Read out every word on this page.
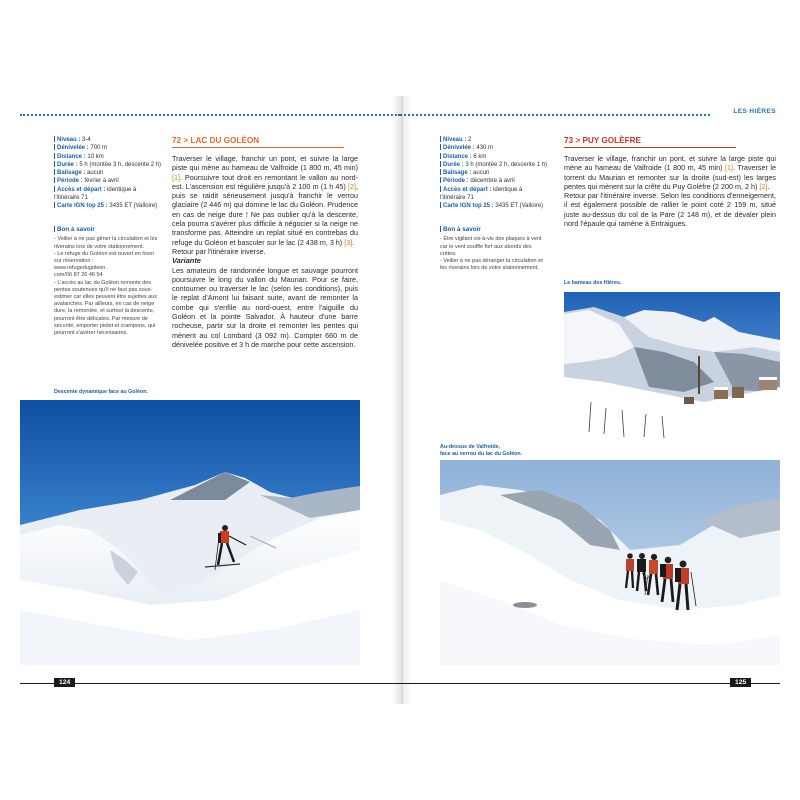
Niveau : 3-4
Dénivelée : 700 m
Distance : 10 km
Durée : 5 h (montée 3 h, descente 2 h)
Balisage : aucun
Période : février à avril
Accès et départ : identique à l'itinéraire 71
Carte IGN top 25 : 3435 ET (Valloire)
Bon à savoir

- Veiller à ne pas gêner la circulation et les riverains lors de votre stationnement.

- Le refuge du Goléon est ouvert en hiver sur réservation :

www.refugedugoleon.

com/06 87 26 46 54

- L'accès au lac du Goléon remonte des pentes soutenues qu'il ne faut pas sous-estimer car elles peuvent être sujettes aux avalanches. Par ailleurs, en cas de neige dure, la remontée, et surtout la descente, pourront être délicates. Par mesure de sécurité, emporter piolet et crampons, qui pourront s'avérer nécessaires.

72 > LAC DU GOLÉON

Traverser le village, franchir un pont, et suivre la large piste qui mène au hameau de Valfroide (1 800 m, 45 min) [1]. Poursuivre tout droit en remontant le vallon au nord-est. L'ascension est régulière jusqu'à 2 100 m (1 h 45) [2], puis se raidit sérieusement jusqu'à franchir le verrou glaciaire (2 446 m) qui domine le lac du Goléon. Prudence en cas de neige dure ! Ne pas oublier qu'à la descente, cela pourra s'avérer plus difficile à négocier si la neige ne transforme pas. Atteindre un replat situé en contrebas du refuge du Goléon et basculer sur le lac (2 438 m, 3 h) [3].

Retour par l'itinéraire inverse.

Variante

Les amateurs de randonnée longue et sauvage pourront poursuivre le long du vallon du Maurian. Pour se faire, contourner ou traverser le lac (selon les conditions), puis le replat d'Amont lui faisant suite, avant de remonter la combe qui s'enfile au nord-ouest, entre l'aiguille du Goléon et la pointe Salvador. À hauteur d'une barre rocheuse, partir sur la droite et remonter les pentes qui mènent au col Lombard (3 092 m). Compter 660 m de dénivelée positive et 3 h de marche pour cette ascension.

Descente dynamique face au Goléon.
124
LES HIÈRES
Niveau : 2
Dénivelée : 430 m
Distance : 6 km
Durée : 3 h (montée 2 h, descente 1 h)
Balisage : aucun
Période : décembre à avril
Accès et départ : identique à l'itinéraire 71
Carte IGN top 25 : 3435 ET (Valloire)
Bon à savoir

- Être vigilant vis-à-vis des plaques à vent car le vent souffle fort aux abords des crêtes.

- Veiller à ne pas déranger la circulation et les riverains lors de votre stationnement.

73 > PUY GOLÈFRE

Traverser le village, franchir un pont, et suivre la large piste qui mène au hameau de Valfroide (1 800 m, 45 min) [1]. Traverser le torrent du Maurian et remonter sur la droite (sud-est) les larges pentes qui mènent sur la crête du Puy Golèfre (2 200 m, 2 h) [2].

Retour par l'itinéraire inverse. Selon les conditions d'enneigement, il est également possible de rallier le point coté 2 159 m, situé juste au-dessus du col de la Pare (2 148 m), et de dévaler plein nord l'épaule qui ramène à Entraigues.

Le hameau des Hières.
Au-dessus de Valfroide,
face au verrou du lac du Goléon.
125
